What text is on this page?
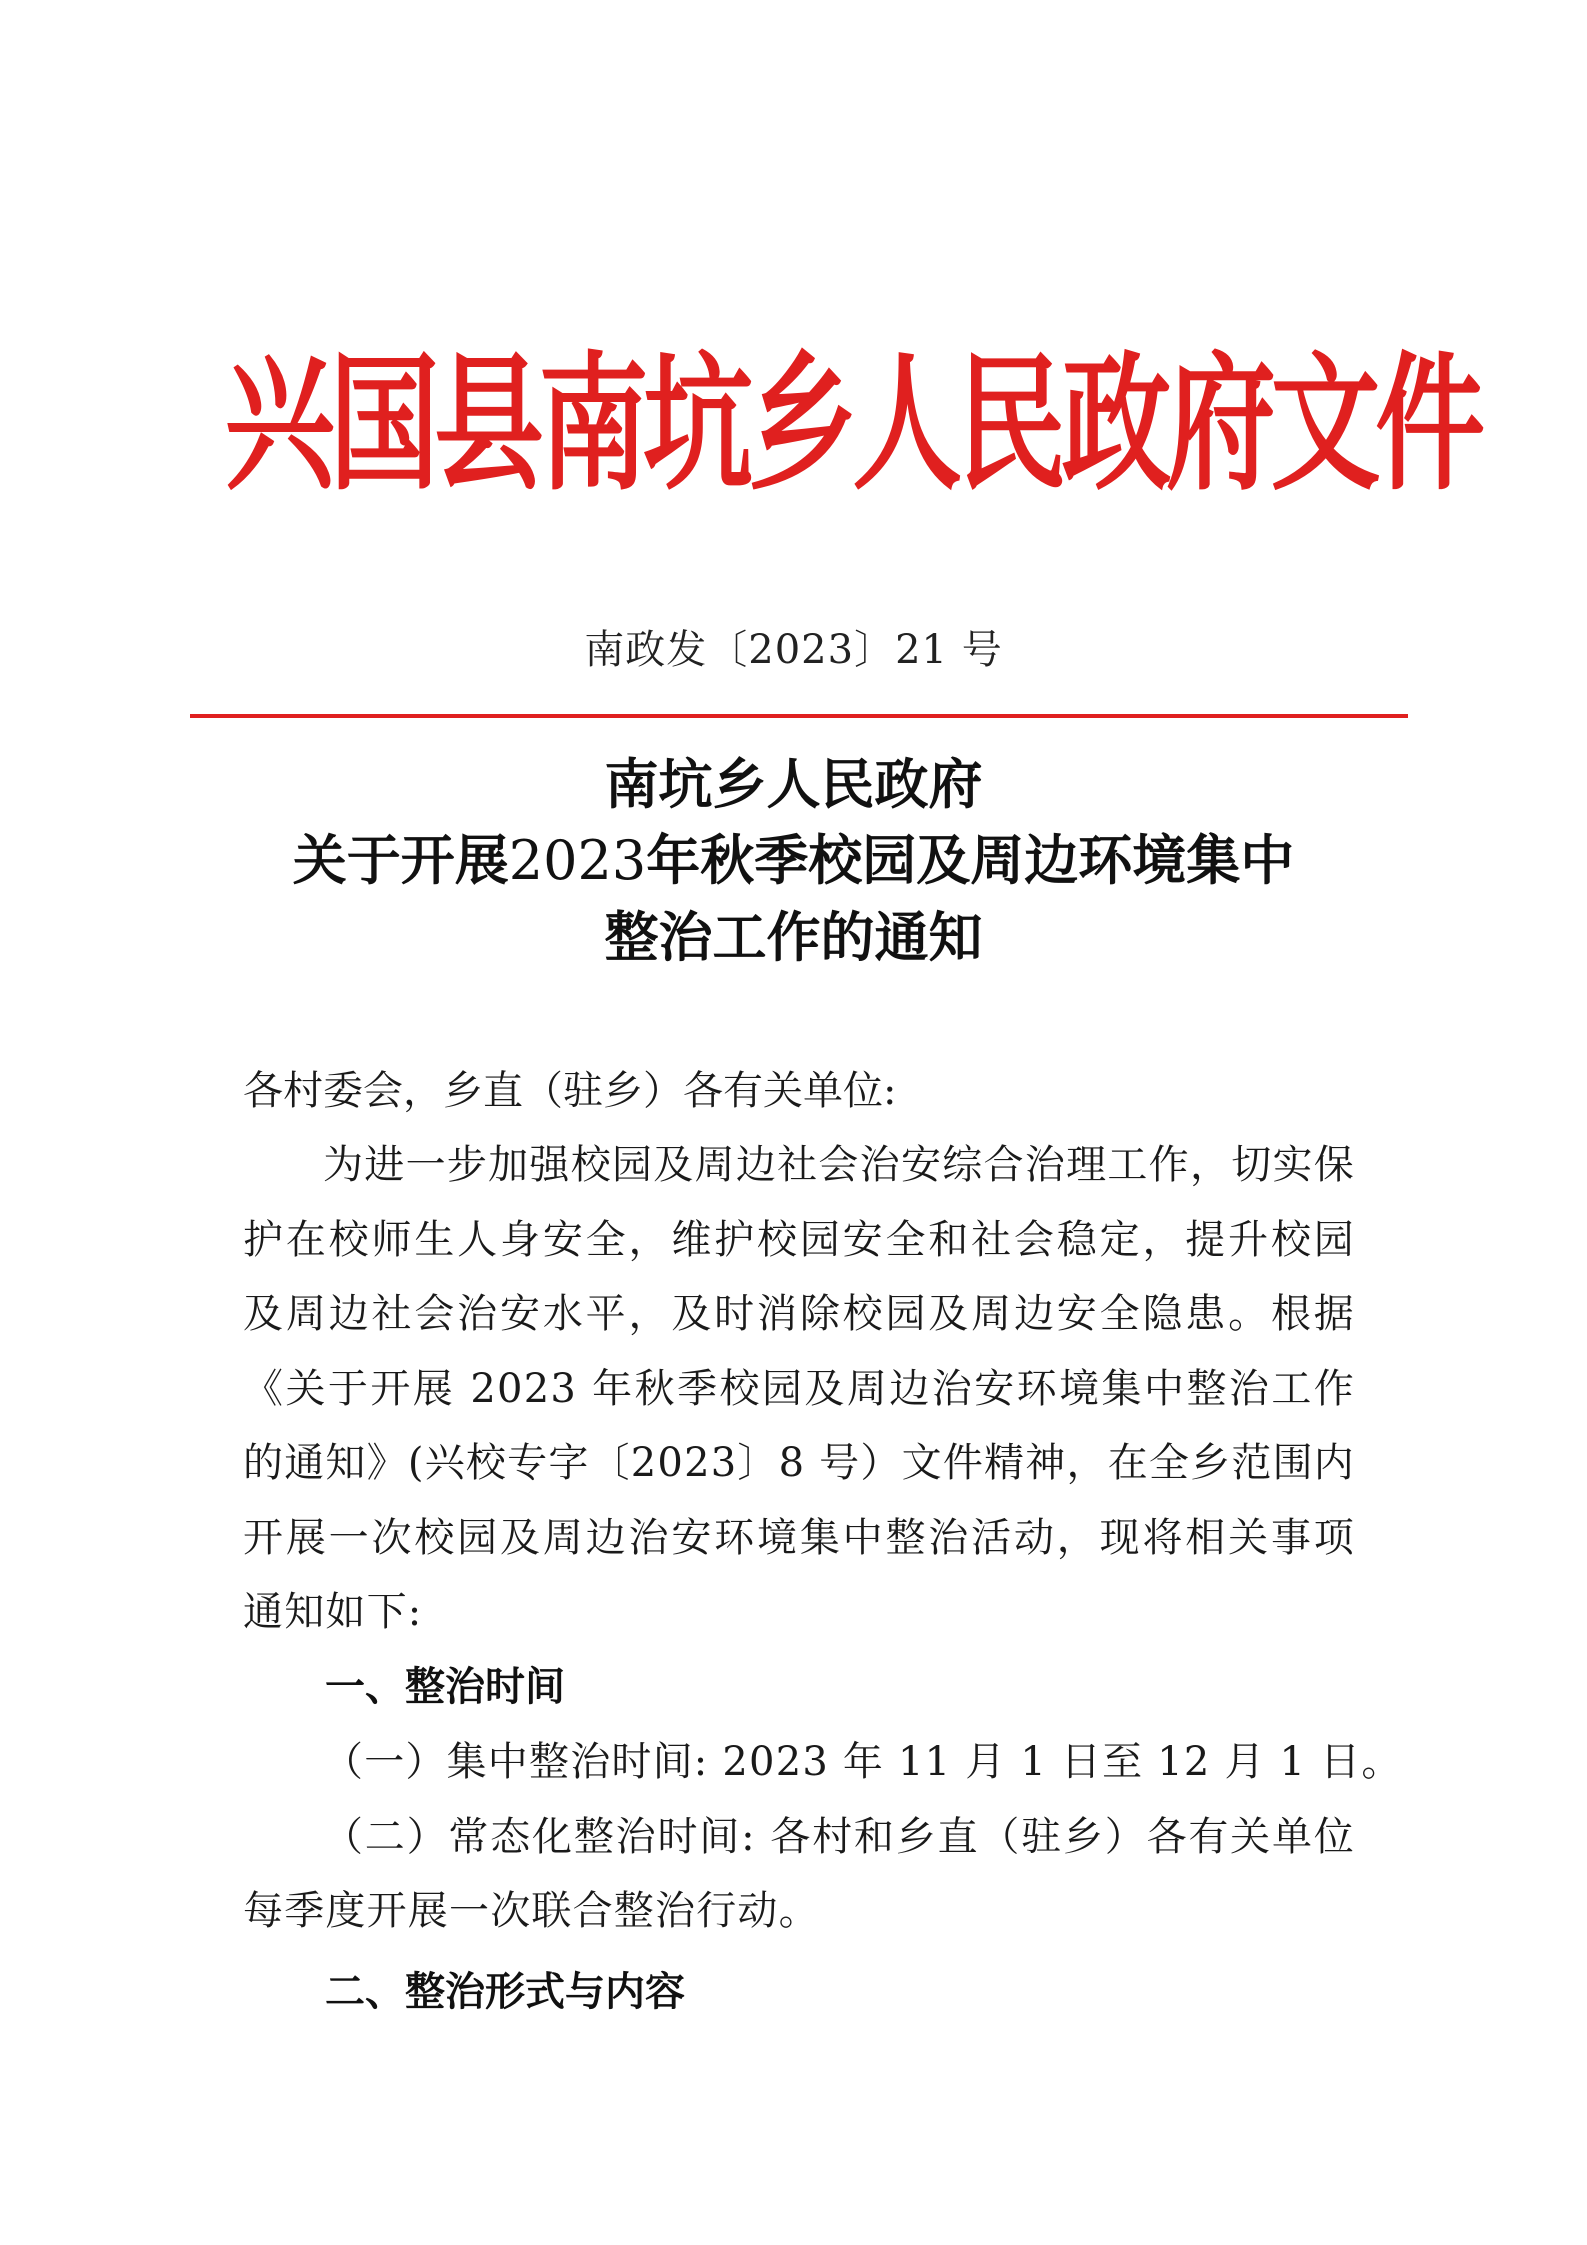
兴国县南坑乡人民政府文件
南政发〔2023〕21 号
南坑乡人民政府
关于开展2023年秋季校园及周边环境集中
整治工作的通知
各村委会，乡直（驻乡）各有关单位:
为进一步加强校园及周边社会治安综合治理工作，切实保护在校师生人身安全，维护校园安全和社会稳定，提升校园及周边社会治安水平，及时消除校园及周边安全隐患。根据《关于开展 2023 年秋季校园及周边治安环境集中整治工作的通知》(兴校专字〔2023〕8 号）文件精神，在全乡范围内开展一次校园及周边治安环境集中整治活动，现将相关事项通知如下:
一、整治时间
（一）集中整治时间: 2023 年 11 月 1 日至 12 月 1 日。
（二）常态化整治时间: 各村和乡直（驻乡）各有关单位每季度开展一次联合整治行动。
二、整治形式与内容
